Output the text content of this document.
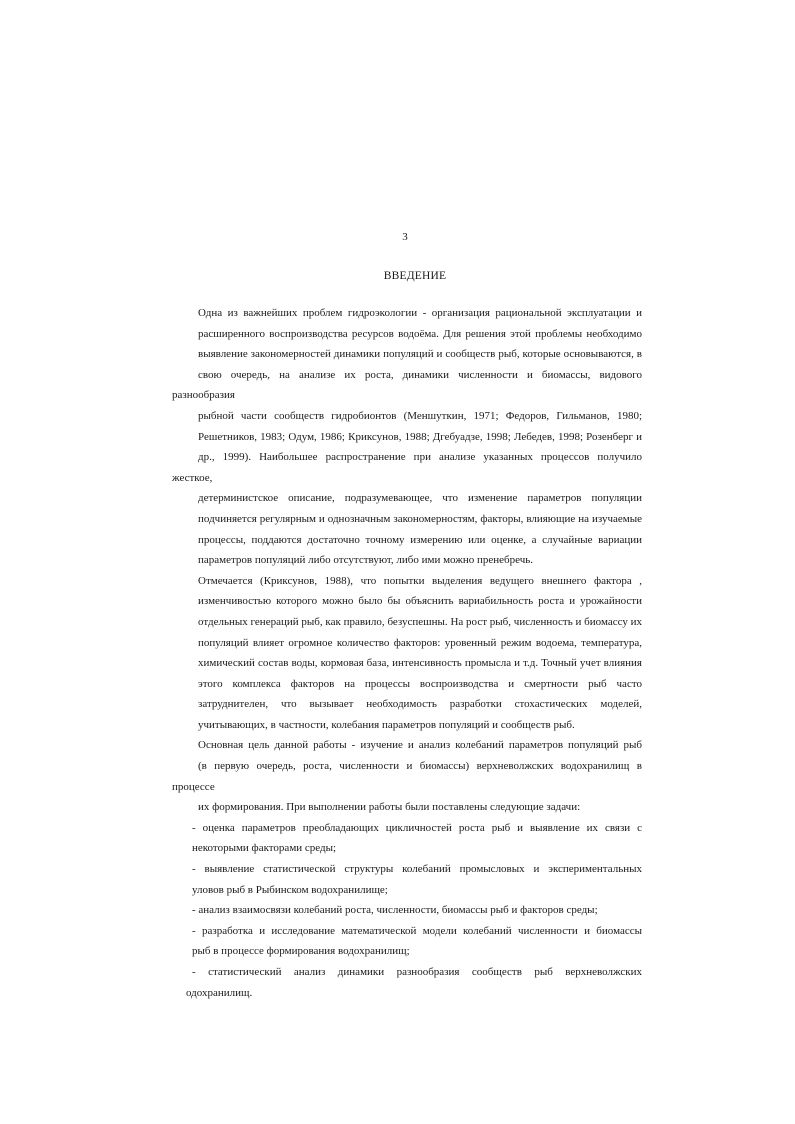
3
ВВЕДЕНИЕ

Одна из важнейших проблем гидроэкологии - организация рациональной эксплуатации и
расширенного воспроизводства ресурсов водоёма. Для решения этой проблемы необходимо
выявление закономерностей динамики популяций и сообществ рыб, которые основываются, в
свою очередь, на анализе их роста, динамики численности и биомассы, видового разнообразия
рыбной части сообществ гидробионтов (Меншуткин, 1971; Федоров, Гильманов, 1980;
Решетников, 1983; Одум, 1986; Криксунов, 1988; Дгебуадзе, 1998; Лебедев, 1998; Розенберг и
др., 1999). Наибольшее распространение при анализе указанных процессов получило жесткое,
детерминистское описание, подразумевающее, что изменение параметров популяции
подчиняется регулярным и однозначным закономерностям, факторы, влияющие на изучаемые
процессы, поддаются достаточно точному измерению или оценке, а случайные вариации
параметров популяций либо отсутствуют, либо ими можно пренебречь.

Отмечается (Криксунов, 1988), что попытки выделения ведущего внешнего фактора ,
изменчивостью которого можно было бы объяснить вариабильность роста и урожайности
отдельных генераций рыб, как правило, безуспешны. На рост рыб, численность и биомассу их
популяций влияет огромное количество факторов: уровенный режим водоема, температура,
химический состав воды, кормовая база, интенсивность промысла и т.д. Точный учет влияния
этого комплекса факторов на процессы воспроизводства и смертности рыб часто
затруднителен, что вызывает необходимость разработки стохастических моделей,
учитывающих, в частности, колебания параметров популяций и сообществ рыб.

Основная цель данной работы - изучение и анализ колебаний параметров популяций рыб
(в первую очередь, роста, численности и биомассы) верхневолжских водохранилищ в процессе
их формирования. При выполнении работы были поставлены следующие задачи:

- оценка параметров преобладающих цикличностей роста рыб и выявление их связи с
некоторыми факторами среды;

- выявление статистической структуры колебаний промысловых и экспериментальных
уловов рыб в Рыбинском водохранилище;

- анализ взаимосвязи колебаний роста, численности, биомассы рыб и факторов среды;

- разработка и исследование математической модели колебаний численности и биомассы
рыб в процессе формирования водохранилищ;

- статистический анализ динамики разнообразия сообществ рыб верхневолжских
одохранилищ.
